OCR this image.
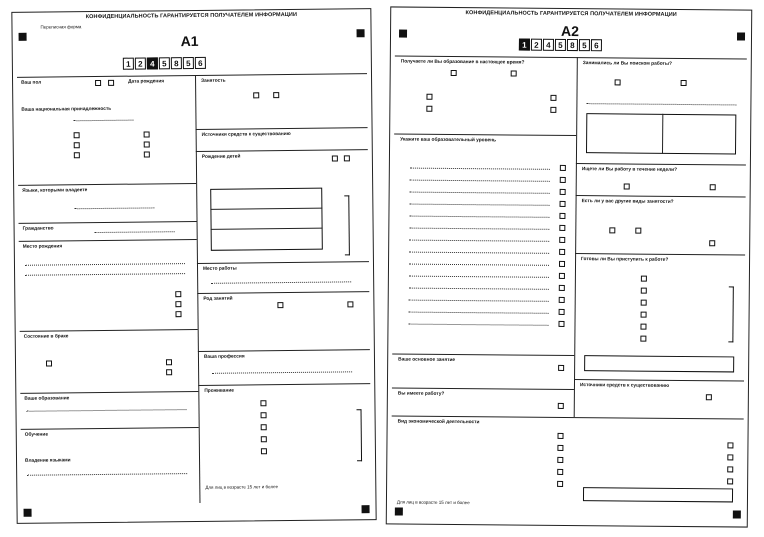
КОНФИДЕНЦИАЛЬНОСТЬ ГАРАНТИРУЕТСЯ ПОЛУЧАТЕЛЕМ ИНФОРМАЦИИ
Переписная форма
А1
1 2 4 5 8 5 6
Ваш пол	Дата рождения
Ваша национальная принадлежность
Языки, которыми владеете
Гражданство
Место рождения
Состояние в браке
Ваше образование
Обучение
Владение языками
Занятость
Источники средств к существованию
Рождение детей
Место работы
Род занятий
Ваша профессия
Проживание
Для лиц в возрасте 15 лет и более
КОНФИДЕНЦИАЛЬНОСТЬ ГАРАНТИРУЕТСЯ ПОЛУЧАТЕЛЕМ ИНФОРМАЦИИ
А2
1 2 4 5 8 5 6
Получаете ли Вы образование в настоящее время?
Укажите ваш образовательный уровень
Ваше основное занятие
Вы имеете работу?
Вид экономической деятельности
Занимались ли Вы поиском работы?
Ищете ли Вы работу в течение недели?
Есть ли у вас другие виды занятости?
Готовы ли Вы приступить к работе?
Источники средств к существованию
Для лиц в возрасте 15 лет и более
